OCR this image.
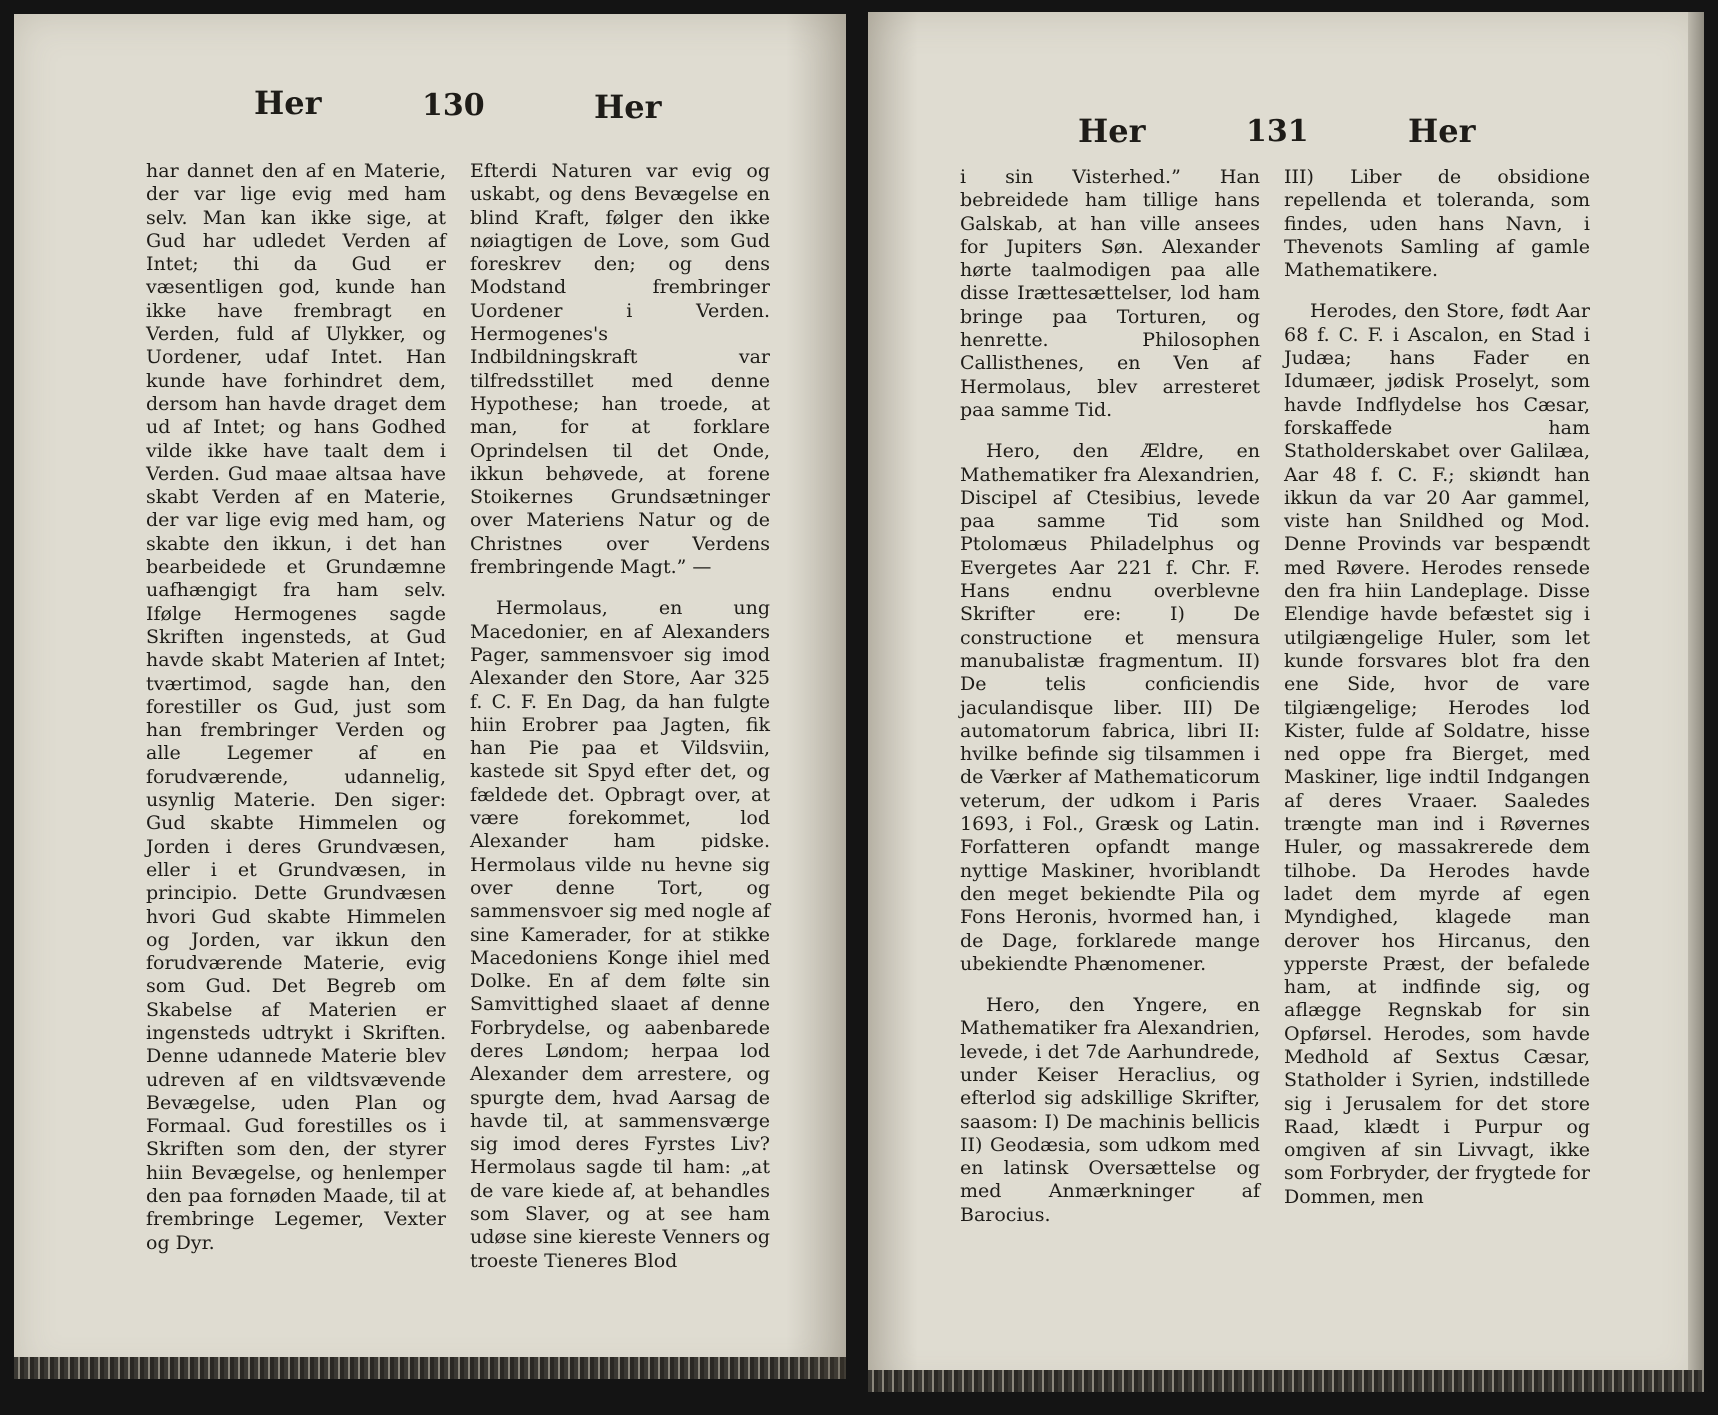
Her	130	Her

har dannet den af en Materie, der var lige evig med ham selv. Man kan ikke sige, at Gud har udledet Verden af Intet; thi da Gud er væsentligen god, kunde han ikke have frembragt en Verden, fuld af Ulykker, og Uordener, udaf Intet. Han kunde have forhindret dem, dersom han havde draget dem ud af Intet; og hans Godhed vilde ikke have taalt dem i Verden. Gud maae altsaa have skabt Verden af en Materie, der var lige evig med ham, og skabte den ikkun, i det han bearbeidede et Grundæmne uafhængigt fra ham selv. Ifølge Hermogenes sagde Skriften ingensteds, at Gud havde skabt Materien af Intet; tværtimod, sagde han, den forestiller os Gud, just som han frembringer Verden og alle Legemer af en forudværende, udannelig, usynlig Materie. Den siger: Gud skabte Himmelen og Jorden i deres Grundvæsen, eller i et Grundvæsen, in principio. Dette Grundvæsen hvori Gud skabte Himmelen og Jorden, var ikkun den forudværende Materie, evig som Gud. Det Begreb om Skabelse af Materien er ingensteds udtrykt i Skriften. Denne udannede Materie blev udreven af en vildtsvævende Bevægelse, uden Plan og Formaal. Gud forestilles os i Skriften som den, der styrer hiin Bevægelse, og henlemper den paa fornøden Maade, til at frembringe Legemer, Vexter og Dyr.

Efterdi Naturen var evig og uskabt, og dens Bevægelse en blind Kraft, følger den ikke nøiagtigen de Love, som Gud foreskrev den; og dens Modstand frembringer Uordener i Verden. Hermogenes's Indbildningskraft var tilfredsstillet med denne Hypothese; han troede, at man, for at forklare Oprindelsen til det Onde, ikkun behøvede, at forene Stoikernes Grundsætninger over Materiens Natur og de Christnes over Verdens frembringende Magt.” —

Hermolaus, en ung Macedonier, en af Alexanders Pager, sammensvoer sig imod Alexander den Store, Aar 325 f. C. F. En Dag, da han fulgte hiin Erobrer paa Jagten, fik han Pie paa et Vildsviin, kastede sit Spyd efter det, og fældede det. Opbragt over, at være forekommet, lod Alexander ham pidske. Hermolaus vilde nu hevne sig over denne Tort, og sammensvoer sig med nogle af sine Kamerader, for at stikke Macedoniens Konge ihiel med Dolke. En af dem følte sin Samvittighed slaaet af denne Forbrydelse, og aabenbarede deres Løndom; herpaa lod Alexander dem arrestere, og spurgte dem, hvad Aarsag de havde til, at sammensværge sig imod deres Fyrstes Liv? Hermolaus sagde til ham: „at de vare kiede af, at behandles som Slaver, og at see ham udøse sine kiereste Venners og troeste Tieneres Blod

Her	131	Her

i sin Visterhed.” Han bebreidede ham tillige hans Galskab, at han ville ansees for Jupiters Søn. Alexander hørte taalmodigen paa alle disse Irættesættelser, lod ham bringe paa Torturen, og henrette. Philosophen Callisthenes, en Ven af Hermolaus, blev arresteret paa samme Tid.

Hero, den Ældre, en Mathematiker fra Alexandrien, Discipel af Ctesibius, levede paa samme Tid som Ptolomæus Philadelphus og Evergetes Aar 221 f. Chr. F. Hans endnu overblevne Skrifter ere: I) De constructione et mensura manubalistæ fragmentum. II) De telis conficiendis jaculandisque liber. III) De automatorum fabrica, libri II: hvilke befinde sig tilsammen i de Værker af Mathematicorum veterum, der udkom i Paris 1693, i Fol., Græsk og Latin. Forfatteren opfandt mange nyttige Maskiner, hvoriblandt den meget bekiendte Pila og Fons Heronis, hvormed han, i de Dage, forklarede mange ubekiendte Phænomener.

Hero, den Yngere, en Mathematiker fra Alexandrien, levede, i det 7de Aarhundrede, under Keiser Heraclius, og efterlod sig adskillige Skrifter, saasom: I) De machinis bellicis II) Geodæsia, som udkom med en latinsk Oversættelse og med Anmærkninger af Barocius.

III) Liber de obsidione repellenda et toleranda, som findes, uden hans Navn, i Thevenots Samling af gamle Mathematikere.

Herodes, den Store, født Aar 68 f. C. F. i Ascalon, en Stad i Judæa; hans Fader en Idumæer, jødisk Proselyt, som havde Indflydelse hos Cæsar, forskaffede ham Statholderskabet over Galilæa, Aar 48 f. C. F.; skiøndt han ikkun da var 20 Aar gammel, viste han Snildhed og Mod. Denne Provinds var bespændt med Røvere. Herodes rensede den fra hiin Landeplage. Disse Elendige havde befæstet sig i utilgiængelige Huler, som let kunde forsvares blot fra den ene Side, hvor de vare tilgiængelige; Herodes lod Kister, fulde af Soldatre, hisse ned oppe fra Bierget, med Maskiner, lige indtil Indgangen af deres Vraaer. Saaledes trængte man ind i Røvernes Huler, og massakrerede dem tilhobe. Da Herodes havde ladet dem myrde af egen Myndighed, klagede man derover hos Hircanus, den ypperste Præst, der befalede ham, at indfinde sig, og aflægge Regnskab for sin Opførsel. Herodes, som havde Medhold af Sextus Cæsar, Statholder i Syrien, indstillede sig i Jerusalem for det store Raad, klædt i Purpur og omgiven af sin Livvagt, ikke som Forbryder, der frygtede for Dommen, men
